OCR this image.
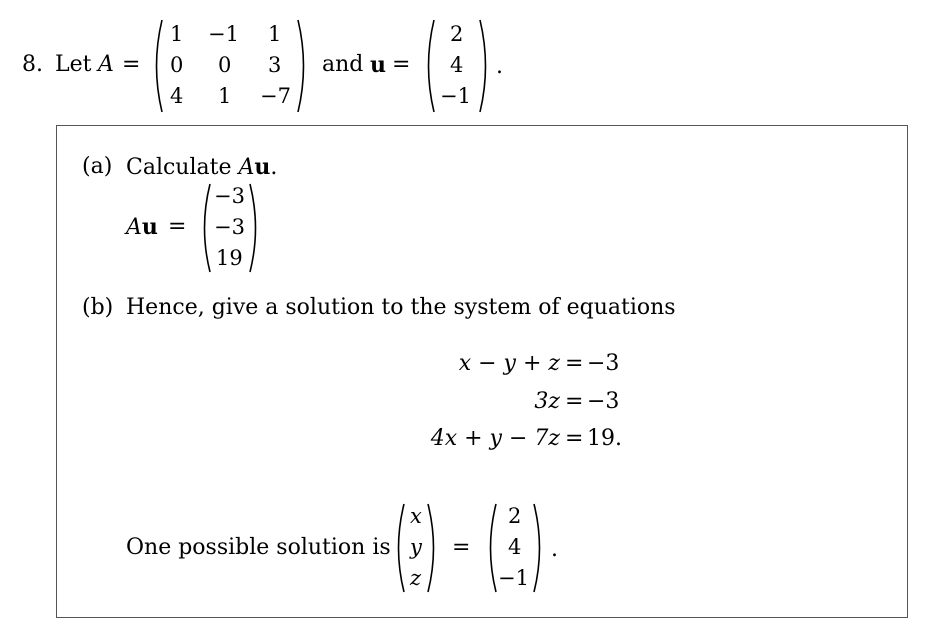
8. Let A =
1 −1 1
0 0 3
4 1 −7
and u =
2
4
−1
.
(a) Calculate Au.
Au =
−3
−3
19
(b) Hence, give a solution to the system of equations
x − y + z = −3
3z = −3
4x + y − 7z = 19.
One possible solution is
x
y
z
=
2
4
−1
.
